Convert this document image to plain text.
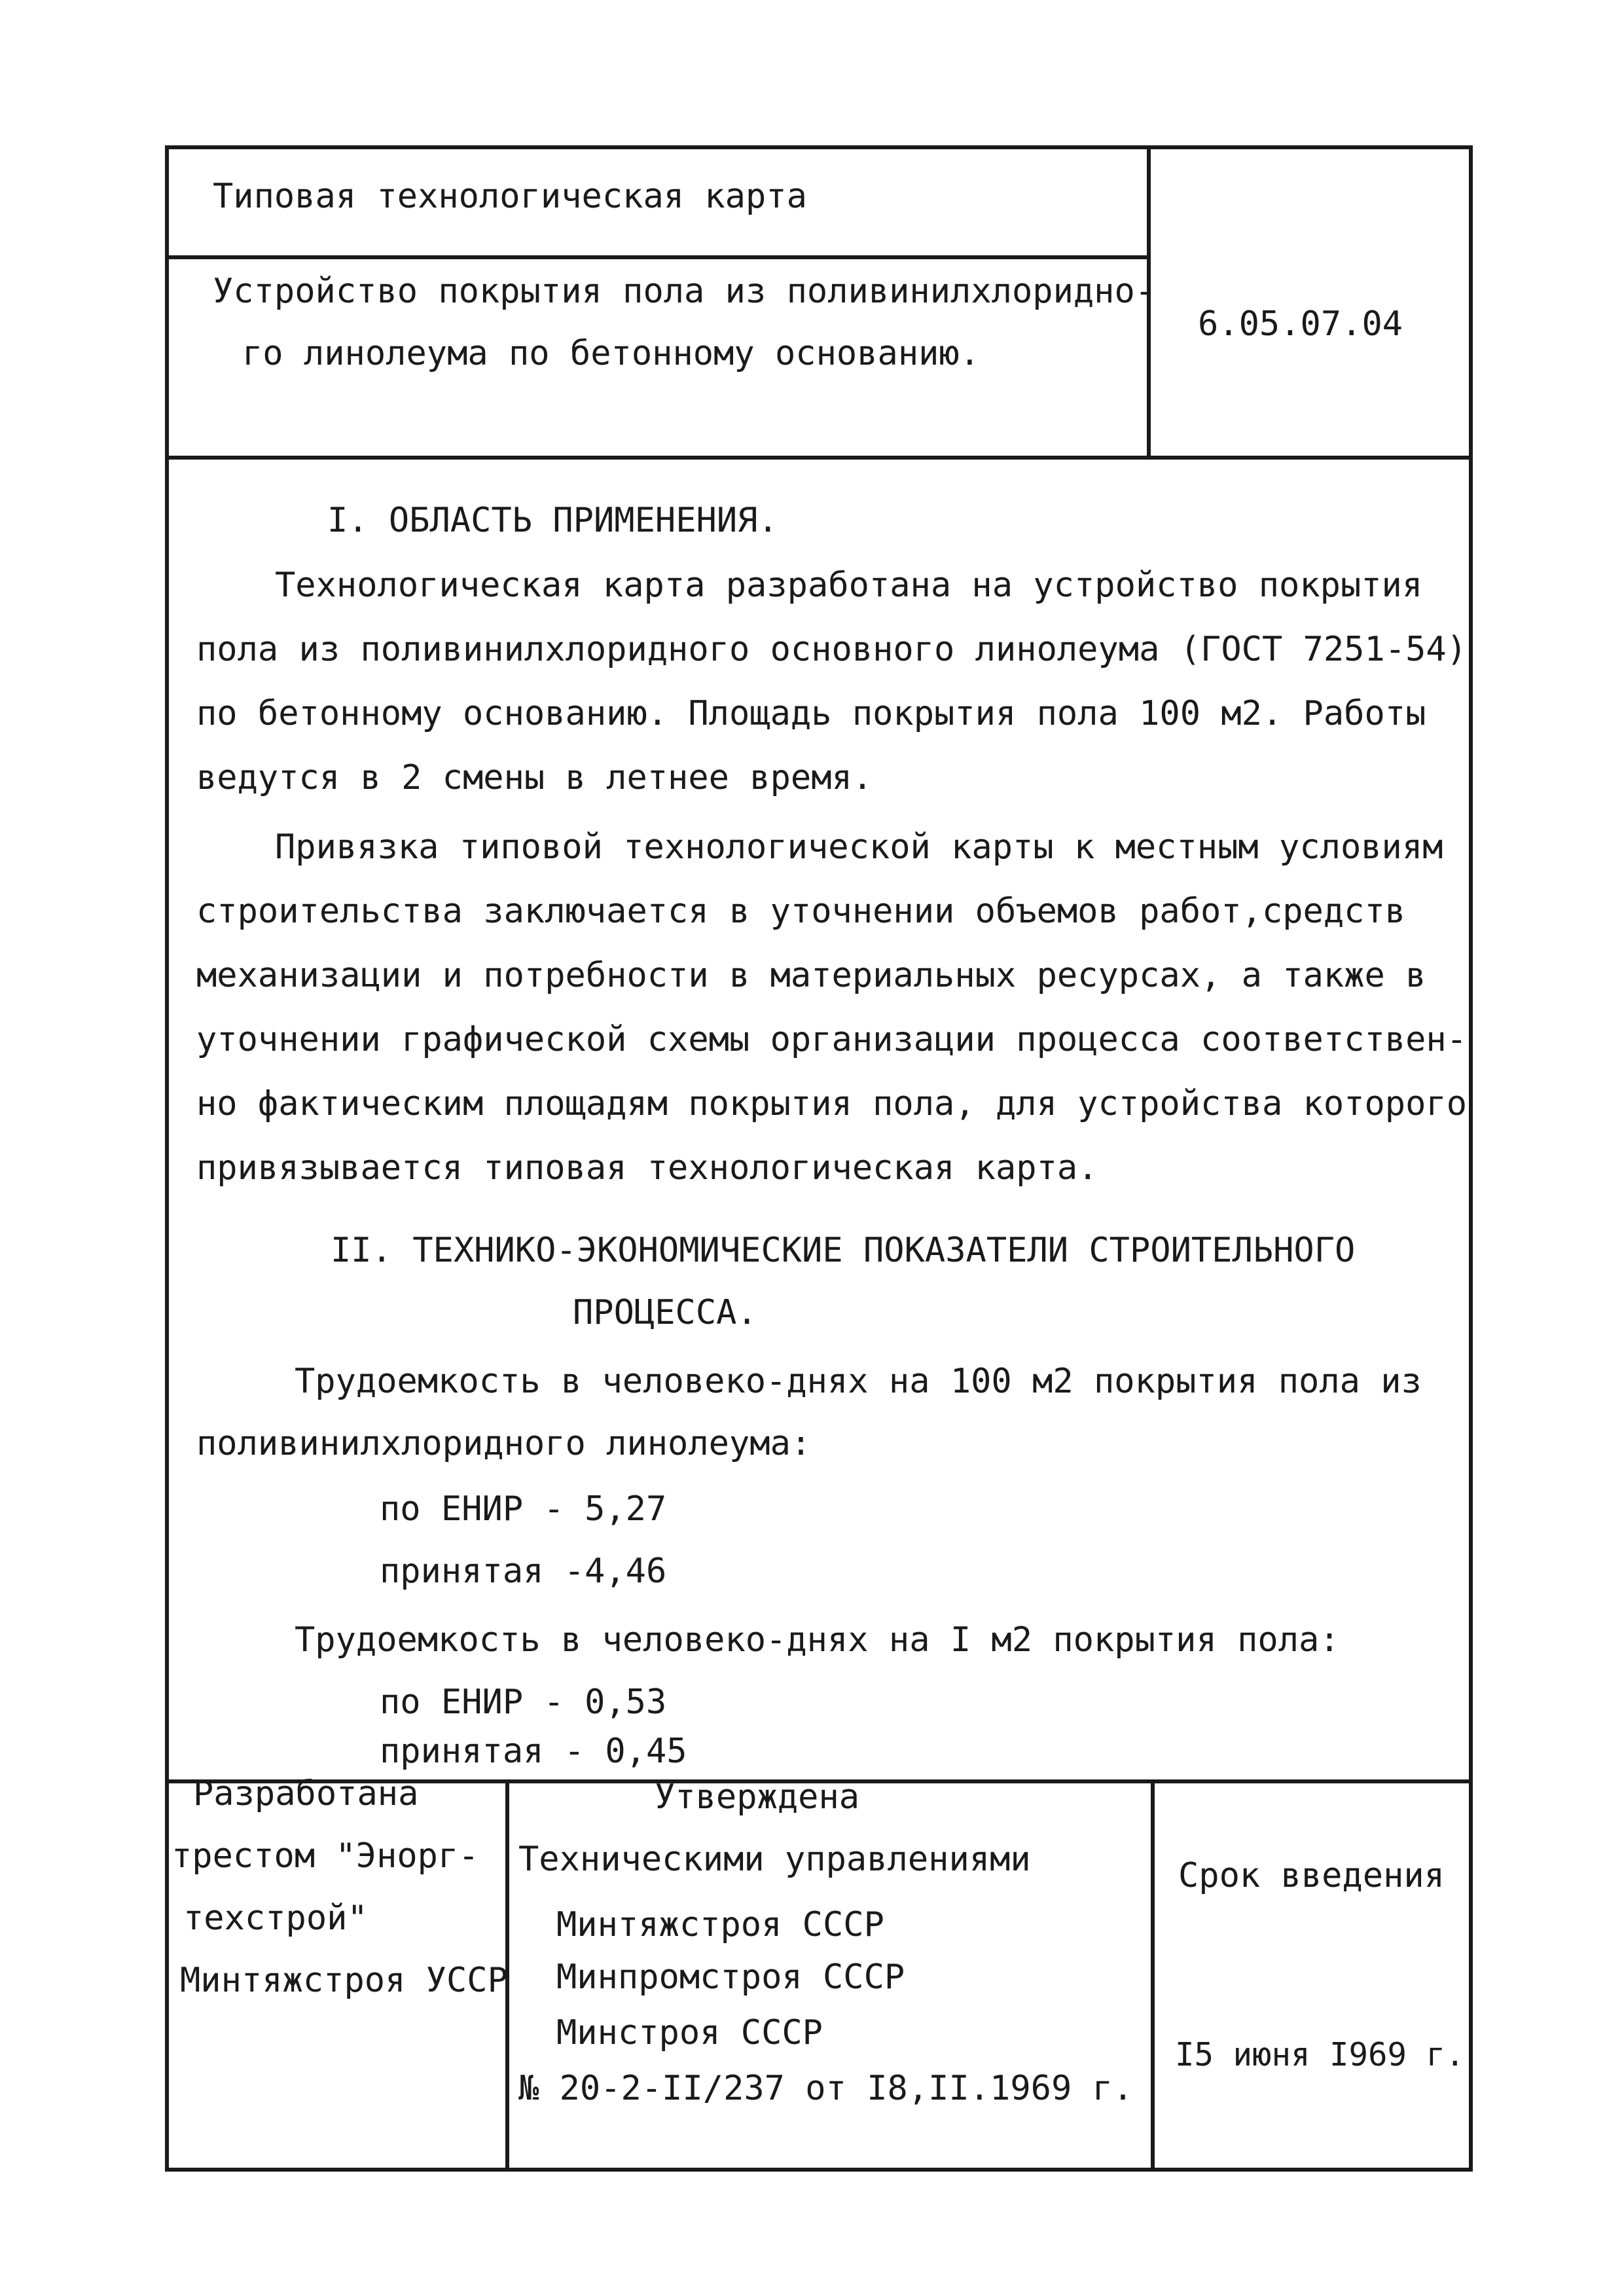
Типовая технологическая карта
Устройство покрытия пола из поливинилхлоридно-
го линолеума по бетонному основанию.
6.05.07.04
I. ОБЛАСТЬ ПРИМЕНЕНИЯ.
Технологическая карта разработана на устройство покрытия
пола из поливинилхлоридного основного линолеума (ГОСТ 7251-54)
по бетонному основанию. Площадь покрытия пола 100 м2. Работы
ведутся в 2 смены в летнее время.
Привязка типовой технологической карты к местным условиям
строительства заключается в уточнении объемов работ,средств
механизации и потребности в материальных ресурсах, а также в
уточнении графической схемы организации процесса соответствен-
но фактическим площадям покрытия пола, для устройства которого
привязывается типовая технологическая карта.
II. ТЕХНИКО-ЭКОНОМИЧЕСКИЕ ПОКАЗАТЕЛИ СТРОИТЕЛЬНОГО
ПРОЦЕССА.
Трудоемкость в человеко-днях на 100 м2 покрытия пола из
поливинилхлоридного линолеума:
по ЕНИР - 5,27
принятая -4,46
Трудоемкость в человеко-днях на I м2 покрытия пола:
по ЕНИР - 0,53
принятая - 0,45
Разработана
трестом "Энорг-
техстрой"
Минтяжстроя УССР
Утверждена
Техническими управлениями
Минтяжстроя СССР
Минпромстроя СССР
Минстроя СССР
№ 20-2-II/237 от I8,II.1969 г.
Срок введения
I5 июня I969 г.
